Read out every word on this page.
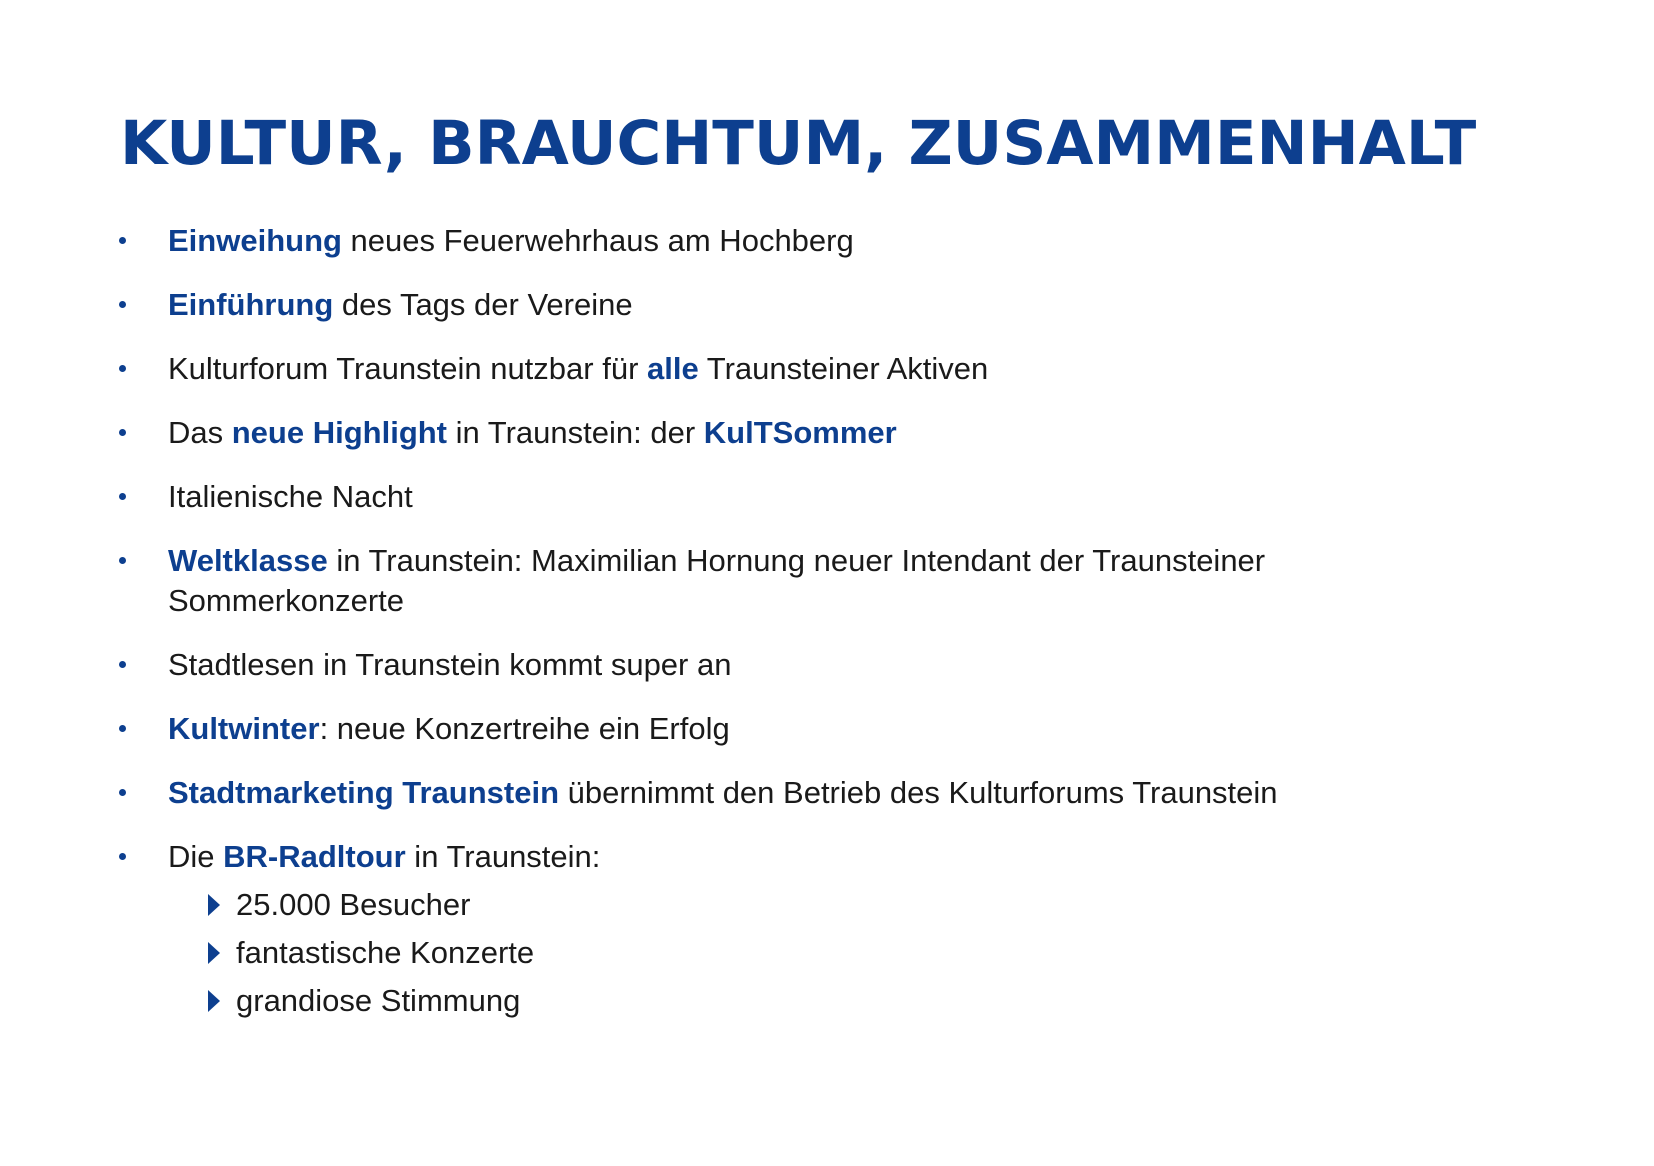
KULTUR, BRAUCHTUM, ZUSAMMENHALT
Einweihung neues Feuerwehrhaus am Hochberg
Einführung des Tags der Vereine
Kulturforum Traunstein nutzbar für alle Traunsteiner Aktiven
Das neue Highlight in Traunstein: der KulTSommer
Italienische Nacht
Weltklasse in Traunstein: Maximilian Hornung neuer Intendant der Traunsteiner Sommerkonzerte
Stadtlesen in Traunstein kommt super an
Kultwinter: neue Konzertreihe ein Erfolg
Stadtmarketing Traunstein übernimmt den Betrieb des Kulturforums Traunstein
Die BR-Radltour in Traunstein:
25.000 Besucher
fantastische Konzerte
grandiose Stimmung
